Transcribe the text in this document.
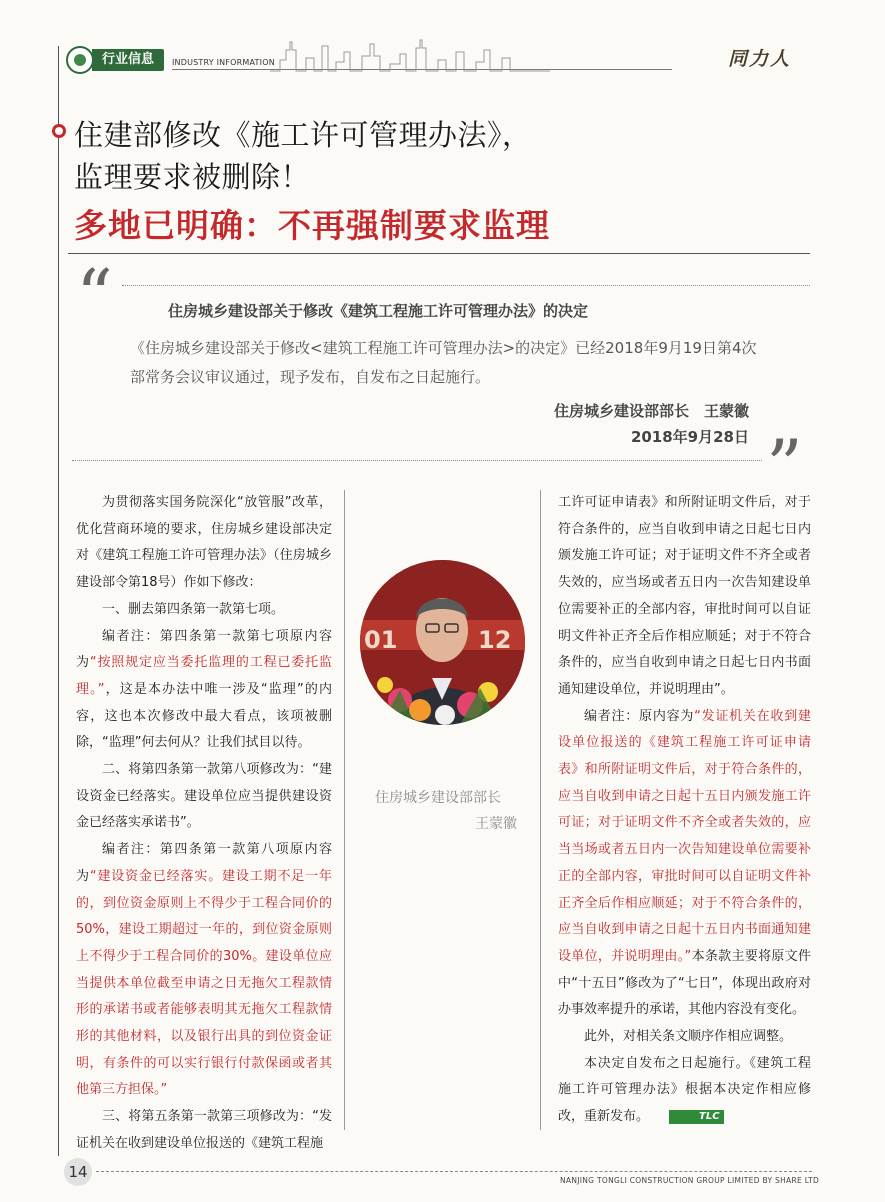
行业信息	INDUSTRY INFORMATION	同力人
住建部修改《施工许可管理办法》，
监理要求被删除！
多地已明确：不再强制要求监理
“	住房城乡建设部关于修改《建筑工程施工许可管理办法》的决定
《住房城乡建设部关于修改<建筑工程施工许可管理办法>的决定》已经2018年9月19日第4次部常务会议审议通过，现予发布，自发布之日起施行。
住房城乡建设部部长　王蒙徽
2018年9月28日 ”

为贯彻落实国务院深化“放管服”改革，优化营商环境的要求，住房城乡建设部决定对《建筑工程施工许可管理办法》（住房城乡建设部令第18号）作如下修改：

一、删去第四条第一款第七项。

编者注：第四条第一款第七项原内容为“按照规定应当委托监理的工程已委托监理。”，这是本办法中唯一涉及“监理”的内容，这也本次修改中最大看点，该项被删除，“监理”何去何从？让我们拭目以待。

二、将第四条第一款第八项修改为：“建设资金已经落实。建设单位应当提供建设资金已经落实承诺书”。

编者注：第四条第一款第八项原内容为“建设资金已经落实。建设工期不足一年的，到位资金原则上不得少于工程合同价的50%，建设工期超过一年的，到位资金原则上不得少于工程合同价的30%。建设单位应当提供本单位截至申请之日无拖欠工程款情形的承诺书或者能够表明其无拖欠工程款情形的其他材料，以及银行出具的到位资金证明，有条件的可以实行银行付款保函或者其他第三方担保。”

三、将第五条第一款第三项修改为：“发证机关在收到建设单位报送的《建筑工程施

01	12
住房城乡建设部部长
王蒙徽

工许可证申请表》和所附证明文件后，对于符合条件的，应当自收到申请之日起七日内颁发施工许可证；对于证明文件不齐全或者失效的，应当场或者五日内一次告知建设单位需要补正的全部内容，审批时间可以自证明文件补正齐全后作相应顺延；对于不符合条件的，应当自收到申请之日起七日内书面通知建设单位，并说明理由”。

编者注：原内容为“发证机关在收到建设单位报送的《建筑工程施工许可证申请表》和所附证明文件后，对于符合条件的，应当自收到申请之日起十五日内颁发施工许可证；对于证明文件不齐全或者失效的，应当当场或者五日内一次告知建设单位需要补正的全部内容，审批时间可以自证明文件补正齐全后作相应顺延；对于不符合条件的，应当自收到申请之日起十五日内书面通知建设单位，并说明理由。”本条款主要将原文件中“十五日”修改为了“七日”，体现出政府对办事效率提升的承诺，其他内容没有变化。

此外，对相关条文顺序作相应调整。

本决定自发布之日起施行。《建筑工程施工许可管理办法》根据本决定作相应修改，重新发布。	TLC

14	NANJING TONGLI CONSTRUCTION GROUP LIMITED BY SHARE LTD
